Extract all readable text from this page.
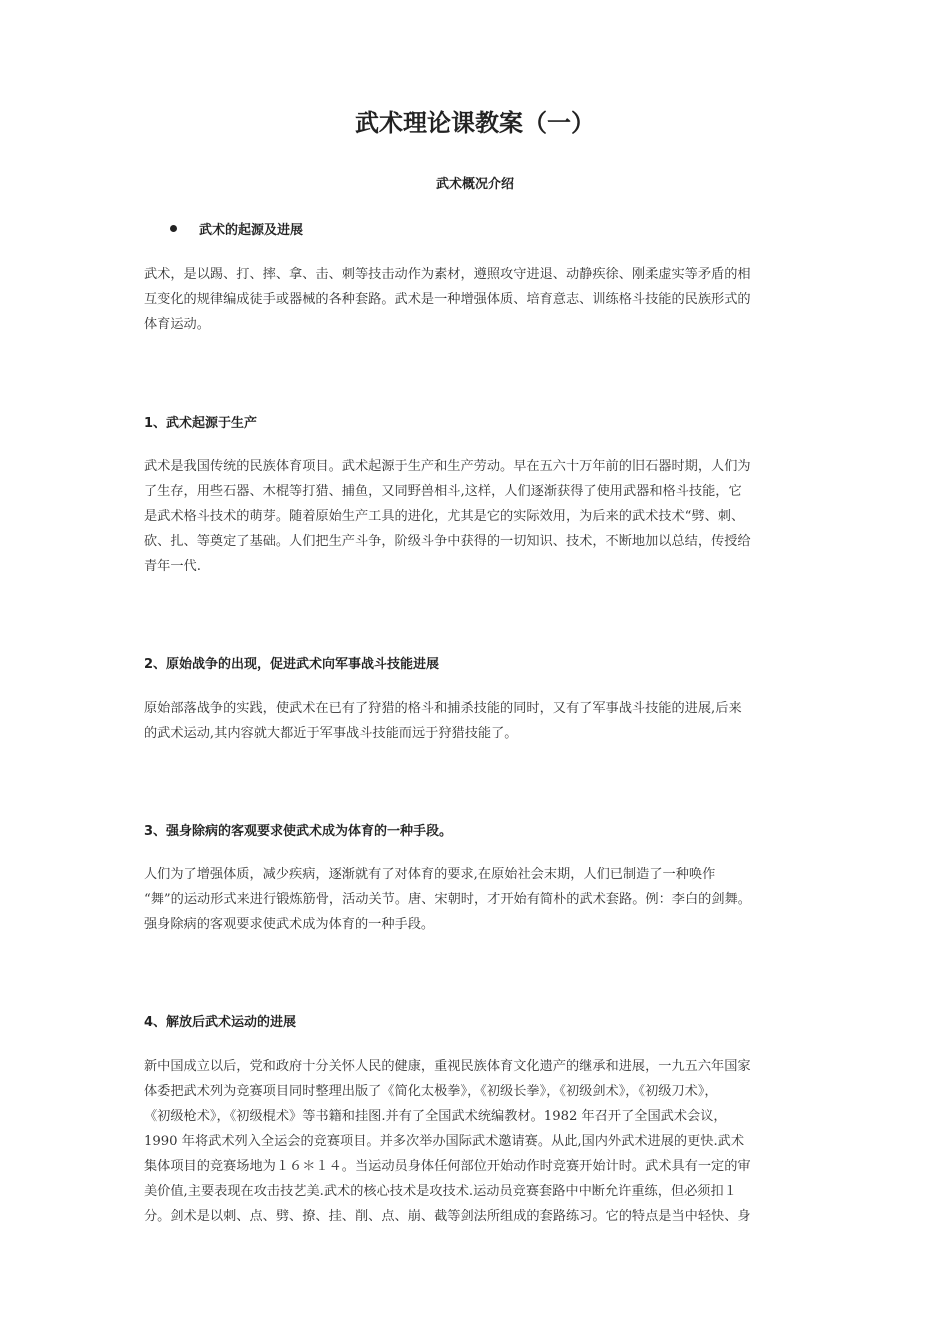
武术理论课教案（一）
武术概况介绍
武术的起源及进展
武术，是以踢、打、摔、拿、击、刺等技击动作为素材，遵照攻守进退、动静疾徐、刚柔虚实等矛盾的相
互变化的规律编成徒手或器械的各种套路。武术是一种增强体质、培育意志、训练格斗技能的民族形式的
体育运动。
1、武术起源于生产
武术是我国传统的民族体育项目。武术起源于生产和生产劳动。早在五六十万年前的旧石器时期，人们为
了生存，用些石器、木棍等打猎、捕鱼，又同野兽相斗,这样，人们逐渐获得了使用武器和格斗技能，它
是武术格斗技术的萌芽。随着原始生产工具的进化，尤其是它的实际效用，为后来的武术技术“劈、刺、
砍、扎、等奠定了基础。人们把生产斗争，阶级斗争中获得的一切知识、技术，不断地加以总结，传授给
青年一代.
2、原始战争的出现，促进武术向军事战斗技能进展
原始部落战争的实践，使武术在已有了狩猎的格斗和捕杀技能的同时，又有了军事战斗技能的进展,后来
的武术运动,其内容就大都近于军事战斗技能而远于狩猎技能了。
3、强身除病的客观要求使武术成为体育的一种手段。
人们为了增强体质，减少疾病，逐渐就有了对体育的要求,在原始社会末期，人们已制造了一种唤作
“舞”的运动形式来进行锻炼筋骨，活动关节。唐、宋朝时，才开始有简朴的武术套路。例：李白的剑舞。
强身除病的客观要求使武术成为体育的一种手段。
4、解放后武术运动的进展
新中国成立以后，党和政府十分关怀人民的健康，重视民族体育文化遗产的继承和进展，一九五六年国家
体委把武术列为竞赛项目同时整理出版了《简化太极拳》，《初级长拳》，《初级剑术》，《初级刀术》，
《初级枪术》，《初级棍术》等书籍和挂图.并有了全国武术统编教材。1982 年召开了全国武术会议，
1990 年将武术列入全运会的竞赛项目。并多次举办国际武术邀请赛。从此,国内外武术进展的更快.武术
集体项目的竞赛场地为１６＊１４。当运动员身体任何部位开始动作时竞赛开始计时。武术具有一定的审
美价值,主要表现在攻击技艺美.武术的核心技术是攻技术.运动员竞赛套路中中断允许重练，但必须扣１
分。剑术是以刺、点、劈、撩、挂、削、点、崩、截等剑法所组成的套路练习。它的特点是当中轻快、身
